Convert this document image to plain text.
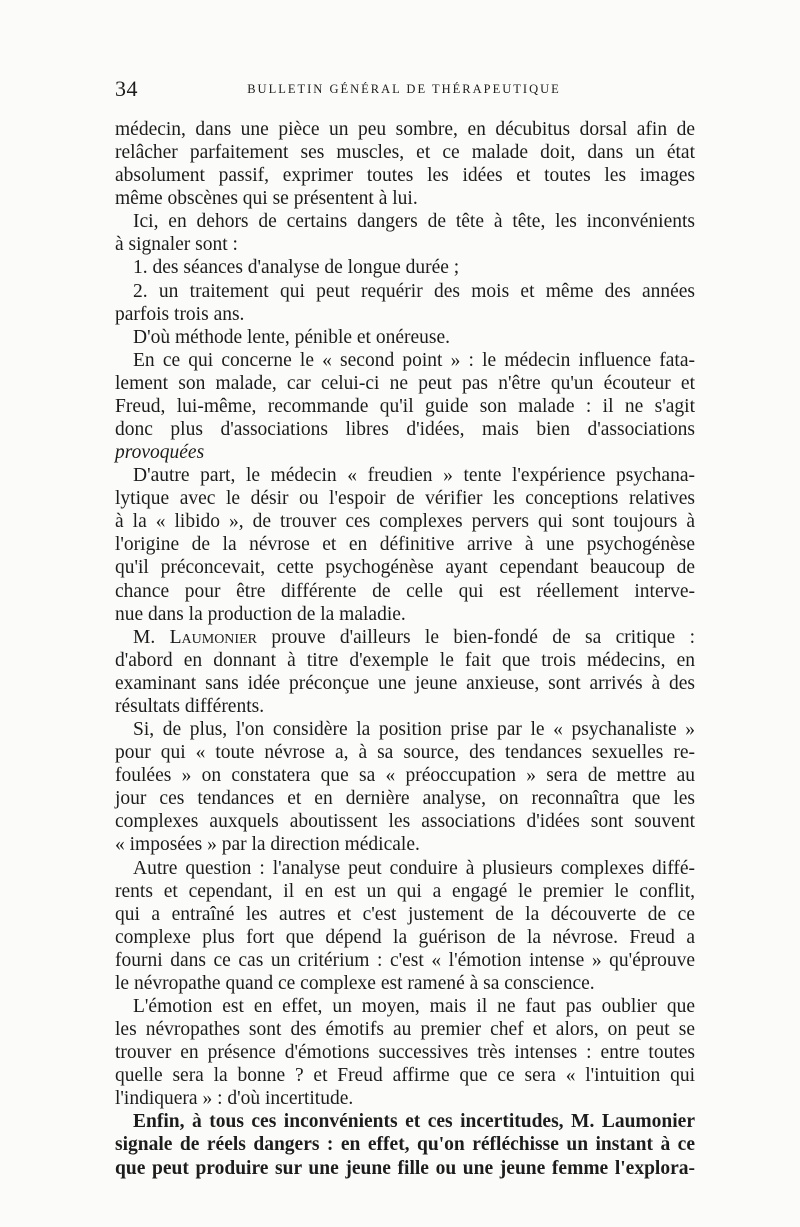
34	BULLETIN GÉNÉRAL DE THÉRAPEUTIQUE
médecin, dans une pièce un peu sombre, en décubitus dorsal afin de
relâcher parfaitement ses muscles, et ce malade doit, dans un état
absolument passif, exprimer toutes les idées et toutes les images
même obscènes qui se présentent à lui.
Ici, en dehors de certains dangers de tête à tête, les inconvénients
à signaler sont :
1. des séances d'analyse de longue durée ;
2. un traitement qui peut requérir des mois et même des années
parfois trois ans.
D'où méthode lente, pénible et onéreuse.
En ce qui concerne le « second point » : le médecin influence fata-
lement son malade, car celui-ci ne peut pas n'être qu'un écouteur et
Freud, lui-même, recommande qu'il guide son malade : il ne s'agit
donc plus d'associations libres d'idées, mais bien d'associations
provoquées
D'autre part, le médecin « freudien » tente l'expérience psychana-
lytique avec le désir ou l'espoir de vérifier les conceptions relatives
à la « libido », de trouver ces complexes pervers qui sont toujours à
l'origine de la névrose et en définitive arrive à une psychogénèse
qu'il préconcevait, cette psychogénèse ayant cependant beaucoup de
chance pour être différente de celle qui est réellement interve-
nue dans la production de la maladie.
M. Laumonier prouve d'ailleurs le bien-fondé de sa critique :
d'abord en donnant à titre d'exemple le fait que trois médecins, en
examinant sans idée préconçue une jeune anxieuse, sont arrivés à des
résultats différents.
Si, de plus, l'on considère la position prise par le « psychanaliste »
pour qui « toute névrose a, à sa source, des tendances sexuelles re-
foulées » on constatera que sa « préoccupation » sera de mettre au
jour ces tendances et en dernière analyse, on reconnaîtra que les
complexes auxquels aboutissent les associations d'idées sont souvent
« imposées » par la direction médicale.
Autre question : l'analyse peut conduire à plusieurs complexes diffé-
rents et cependant, il en est un qui a engagé le premier le conflit,
qui a entraîné les autres et c'est justement de la découverte de ce
complexe plus fort que dépend la guérison de la névrose. Freud a
fourni dans ce cas un critérium : c'est « l'émotion intense » qu'éprouve
le névropathe quand ce complexe est ramené à sa conscience.
L'émotion est en effet, un moyen, mais il ne faut pas oublier que
les névropathes sont des émotifs au premier chef et alors, on peut se
trouver en présence d'émotions successives très intenses : entre toutes
quelle sera la bonne ? et Freud affirme que ce sera « l'intuition qui
l'indiquera » : d'où incertitude.
Enfin, à tous ces inconvénients et ces incertitudes, M. Laumonier
signale de réels dangers : en effet, qu'on réfléchisse un instant à ce
que peut produire sur une jeune fille ou une jeune femme l'explora-
